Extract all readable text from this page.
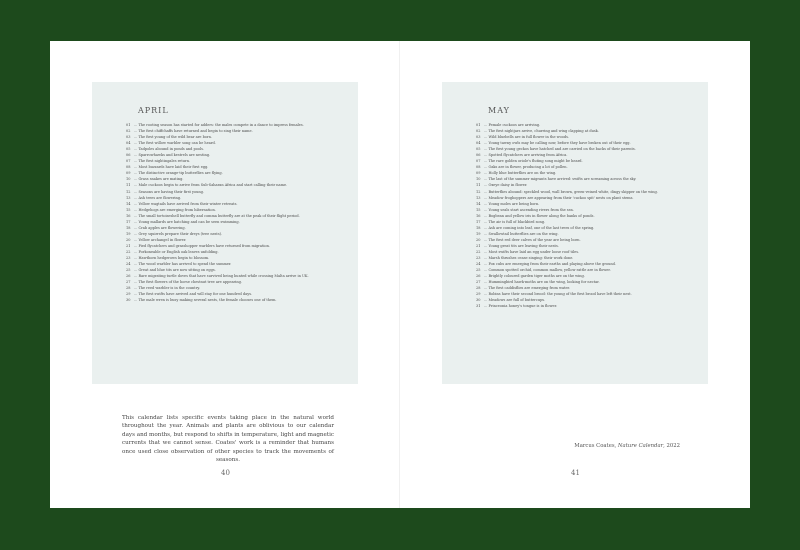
APRIL
01 ... The rooting season has started for adders: the males compete in a dance to impress females.
02 ... The first chiffchaffs have returned and begin to sing their name.
03 ... The first young of the wild bear are born.
04 ... The first willow warbler song can be heard.
05 ... Tadpoles abound in ponds and pools.
06 ... Sparrowhawks and kestrels are nesting.
07 ... The first nightingales return.
08 ... Most buzzards have laid their first egg.
09 ... The distinctive orange-tip butterflies are flying.
10 ... Grass snakes are mating.
11 ... Male cuckoos begin to arrive from Sub-Saharan Africa and start calling their name.
12 ... Seasons are having their first young.
13 ... Ash trees are flowering.
14 ... Yellow wagtails have arrived from their winter retreats.
15 ... Hedgehogs are emerging from hibernation.
16 ... The small tortoiseshell butterfly and comma butterfly are at the peak of their flight period.
17 ... Young mallards are hatching and can be seen swimming.
18 ... Crab apples are flowering.
19 ... Grey squirrels prepare their dreys (tree nests).
20 ... Yellow archangel in flower.
21 ... Pied flycatchers and grasshopper warblers have returned from migration.
22 ... Forkoneable or English oak leaves unfolding.
23 ... Hawthorn hedgerows begin to blossom.
24 ... The wood warbler has arrived to spend the summer.
25 ... Great and blue tits are now sitting on eggs.
26 ... Rare migrating turtle doves that have survived being hunted while crossing Malta arrive in UK.
27 ... The first flowers of the horse chestnut tree are appearing.
28 ... The reed warbler is in the country.
29 ... The first swifts have arrived and will stay for one hundred days.
30 ... The male wren is busy making several nests, the female chooses one of them.
This calendar lists specific events taking place in the natural world throughout the year. Animals and plants are oblivious to our calendar days and months, but respond to shifts in temperature, light and magnetic currents that we cannot sense. Coates' work is a reminder that humans once used close observation of other species to track the movements of seasons.
40
MAY
01 ... Female cuckoos are arriving.
02 ... The first nightjars arrive, churring and wing clapping at dusk.
03 ... Wild bluebells are in full flower in the woods.
04 ... Young tawny owls may be calling now, before they have broken out of their egg.
05 ... The first young geckos have hatched and are carried on the backs of their parents.
06 ... Spotted flycatchers are arriving from Africa.
07 ... The rare golden oriole's fluting song might be heard.
08 ... Oaks are in flower, producing a lot of pollen.
09 ... Holly blue butterflies are on the wing.
10 ... The last of the summer migrants have arrived: swifts are screaming across the sky.
11 ... Oxeye daisy in flower.
12 ... Butterflies abound: speckled wood, wall brown, green-veined white, dingy skipper on the wing.
13 ... Meadow froghoppers are appearing from their 'cuckoo spit' nests on plant stems.
14 ... Young moles are being born.
15 ... Young seals start ascending rivers from the sea.
16 ... Bogbean and yellow iris in flower along the banks of ponds.
17 ... The air is full of blackbird song.
18 ... Ash are coming into leaf, one of the last trees of the spring.
19 ... Swallowtail butterflies are on the wing.
20 ... The first red deer calves of the year are being born.
21 ... Young great tits are leaving their nests.
22 ... Most swifts have laid an egg under loose roof tiles.
23 ... Marsh thrushes cease singing: their work done.
24 ... Fox cubs are emerging from their earths and playing above the ground.
25 ... Common spotted orchid, common mallow, yellow rattle are in flower.
26 ... Brightly coloured garden tiger moths are on the wing.
27 ... Hummingbird hawk-moths are on the wing, looking for nectar.
28 ... The first caddisflies are emerging from water.
29 ... Robins have their second brood: the young of the first brood have left their nest.
30 ... Meadows are full of buttercups.
31 ... Princeonia honey's tongue is in flower.
Marcus Coates, Nature Calendar, 2022
41
